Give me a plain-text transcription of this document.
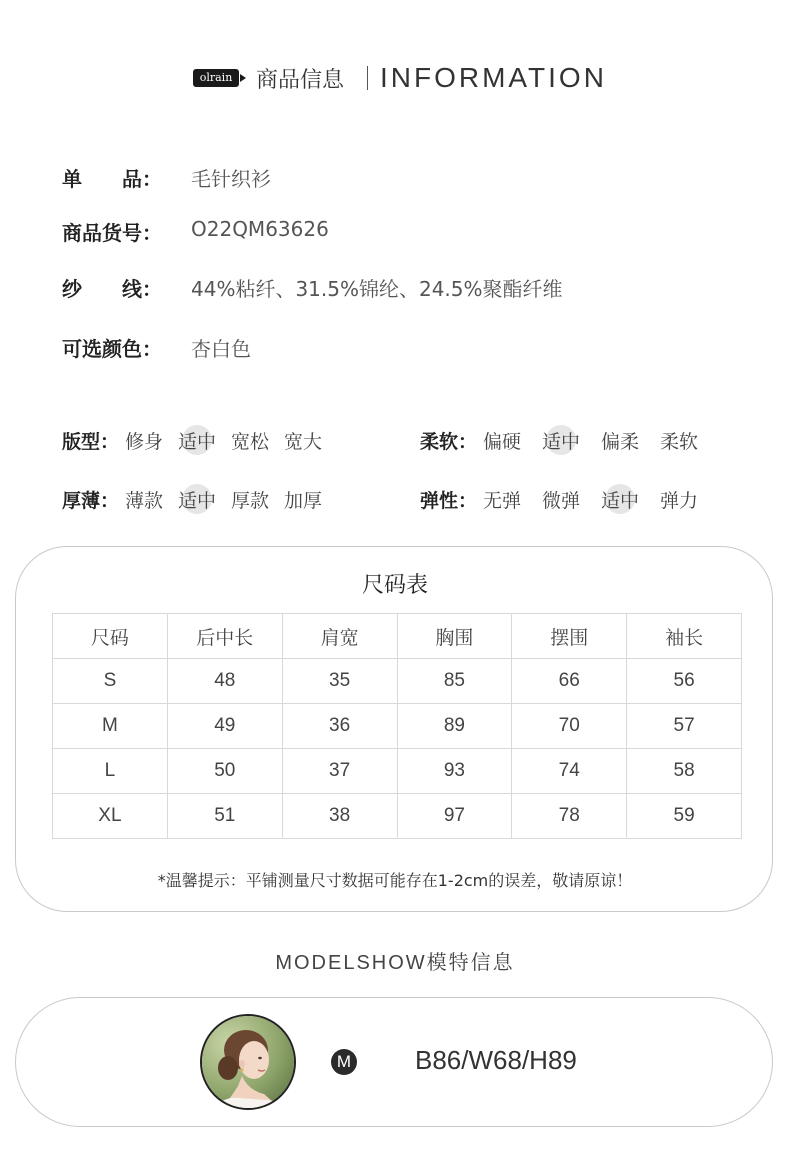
olrain	商品信息 INFORMATION
单　　品： 毛针织衫
商品货号： O22QM63626
纱　　线： 44%粘纤、31.5%锦纶、24.5%聚酯纤维
可选颜色： 杏白色
版型： 修身 适中 宽松 宽大	柔软： 偏硬 适中 偏柔 柔软
厚薄： 薄款 适中 厚款 加厚	弹性： 无弹 微弹 适中 弹力
尺码表
尺码	后中长	肩宽	胸围	摆围	袖长
S	48	35	85	66	56
M	49	36	89	70	57
L	50	37	93	74	58
XL	51	38	97	78	59
*温馨提示：平铺测量尺寸数据可能存在1-2cm的误差，敬请原谅！
MODELSHOW模特信息
M B86/W68/H89
